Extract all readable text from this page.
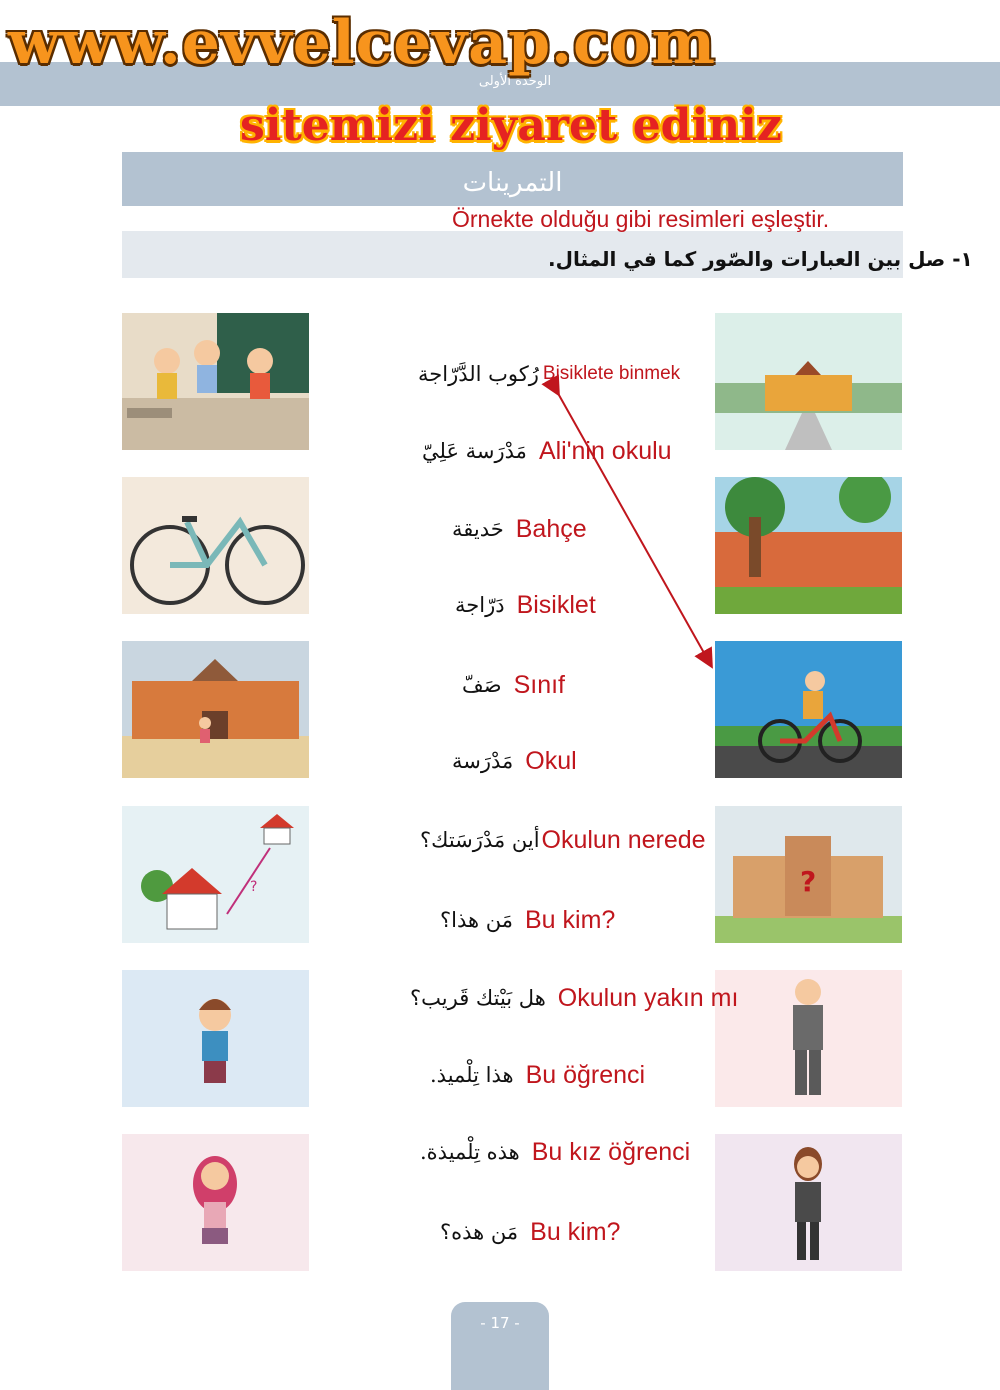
الوحدة الأولى
www.evvelcevap.com
sitemizi ziyaret ediniz
التمرينات
Örnekte olduğu gibi resimleri eşleştir.
١- صل بين العبارات والصّور كما في المثال.
?	?
رُكوب الدَّرّاجة Bisiklete binmek
مَدْرَسة عَلِيّ Ali'nin okulu
حَديقة Bahçe
دَرّاجة Bisiklet
صَفّ Sınıf
مَدْرَسة Okul
أين مَدْرَسَتك؟ Okulun nerede
مَن هذا؟ Bu kim?
هل بَيْتك قَريب؟ Okulun yakın mı
هذا تِلْميذ. Bu öğrenci
هذه تِلْميذة. Bu kız öğrenci
مَن هذه؟ Bu kim?
- 17 -
